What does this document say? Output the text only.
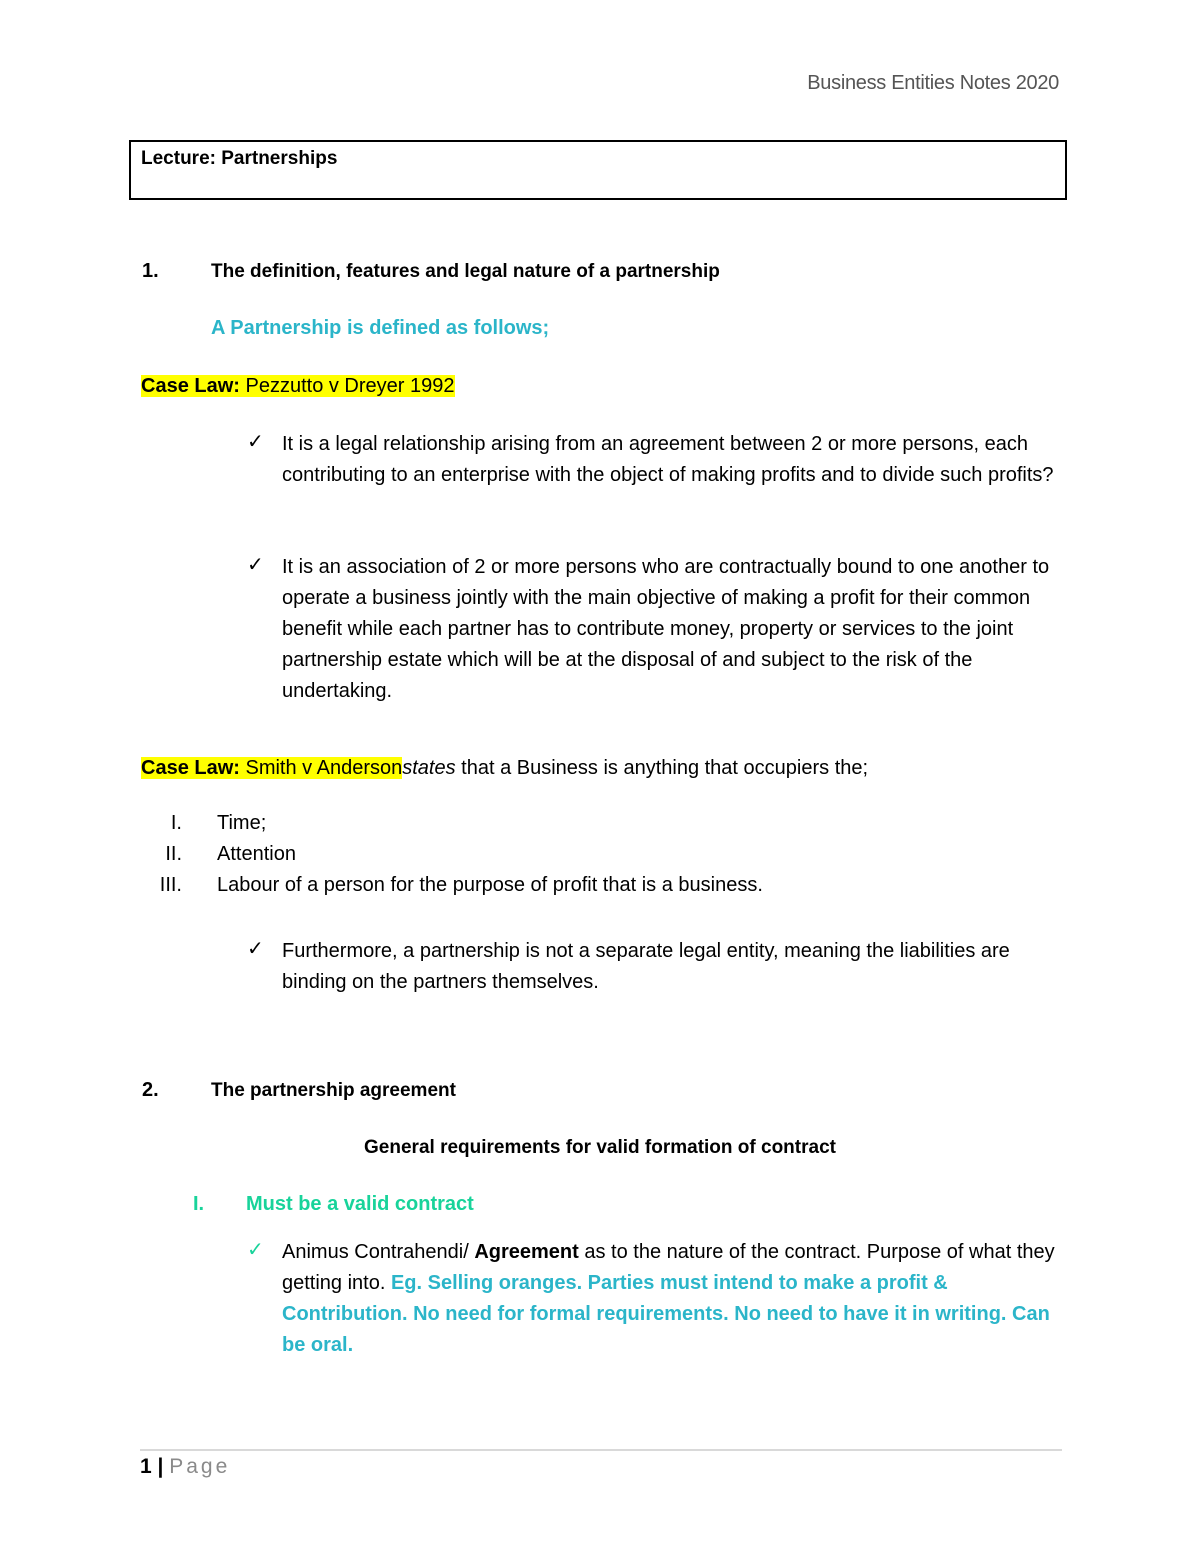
Business Entities Notes 2020
Lecture: Partnerships
1.	The definition, features and legal nature of a partnership
A Partnership is defined as follows;
Case Law: Pezzutto v Dreyer 1992
✓ It is a legal relationship arising from an agreement between 2 or more persons, each contributing to an enterprise with the object of making profits and to divide such profits?
✓ It is an association of 2 or more persons who are contractually bound to one another to operate a business jointly with the main objective of making a profit for their common benefit while each partner has to contribute money, property or services to the joint partnership estate which will be at the disposal of and subject to the risk of the undertaking.
Case Law: Smith v Andersonstates that a Business is anything that occupiers the;
I. Time;
II. Attention
III. Labour of a person for the purpose of profit that is a business.
✓ Furthermore, a partnership is not a separate legal entity, meaning the liabilities are binding on the partners themselves.
2.	The partnership agreement
General requirements for valid formation of contract
I. Must be a valid contract
✓ Animus Contrahendi/ Agreement as to the nature of the contract. Purpose of what they getting into. Eg. Selling oranges. Parties must intend to make a profit & Contribution. No need for formal requirements. No need to have it in writing. Can be oral.
1 | Page
